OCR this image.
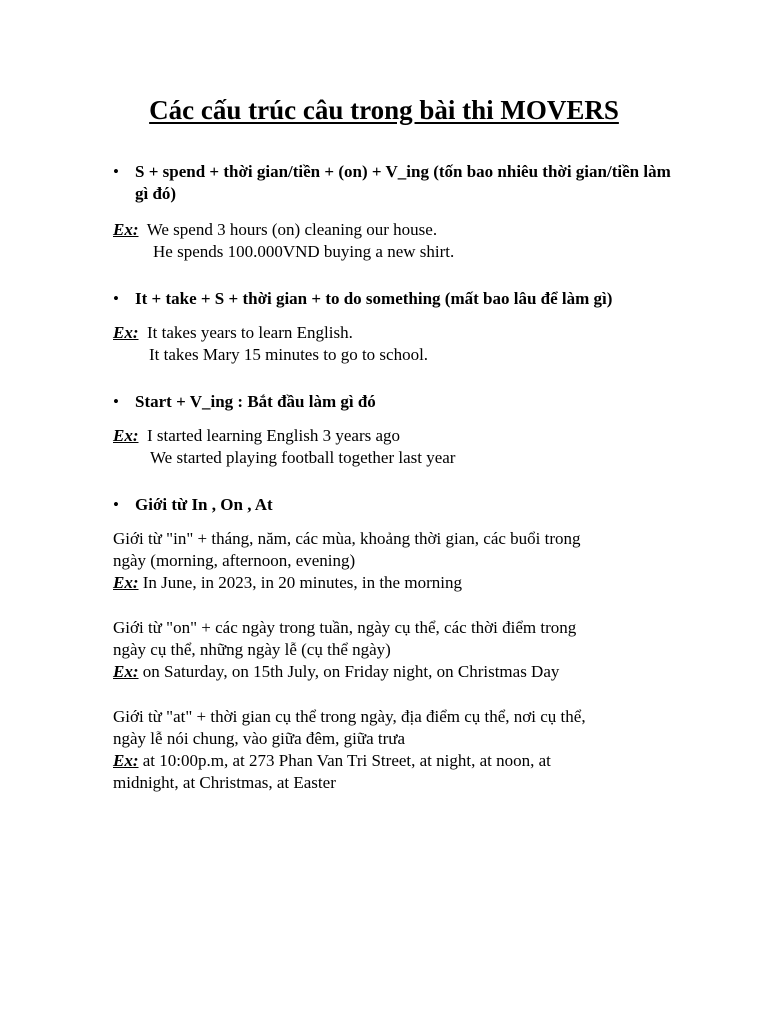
Các cấu trúc câu trong bài thi MOVERS
• S + spend + thời gian/tiền + (on) + V_ing (tốn bao nhiêu thời gian/tiền làm gì đó)
Ex: We spend 3 hours (on) cleaning our house.
He spends 100.000VND buying a new shirt.
• It + take + S + thời gian + to do something (mất bao lâu để làm gì)
Ex: It takes years to learn English.
It takes Mary 15 minutes to go to school.
• Start + V_ing : Bắt đầu làm gì đó
Ex: I started learning English 3 years ago
We started playing football together last year
• Giới từ In , On , At
Giới từ "in" + tháng, năm, các mùa, khoảng thời gian, các buổi trong
ngày (morning, afternoon, evening)
Ex: In June, in 2023, in 20 minutes, in the morning
Giới từ "on" + các ngày trong tuần, ngày cụ thể, các thời điểm trong
ngày cụ thể, những ngày lễ (cụ thể ngày)
Ex: on Saturday, on 15th July, on Friday night, on Christmas Day
Giới từ "at" + thời gian cụ thể trong ngày, địa điểm cụ thể, nơi cụ thể,
ngày lễ nói chung, vào giữa đêm, giữa trưa
Ex: at 10:00p.m, at 273 Phan Van Tri Street, at night, at noon, at
midnight, at Christmas, at Easter
